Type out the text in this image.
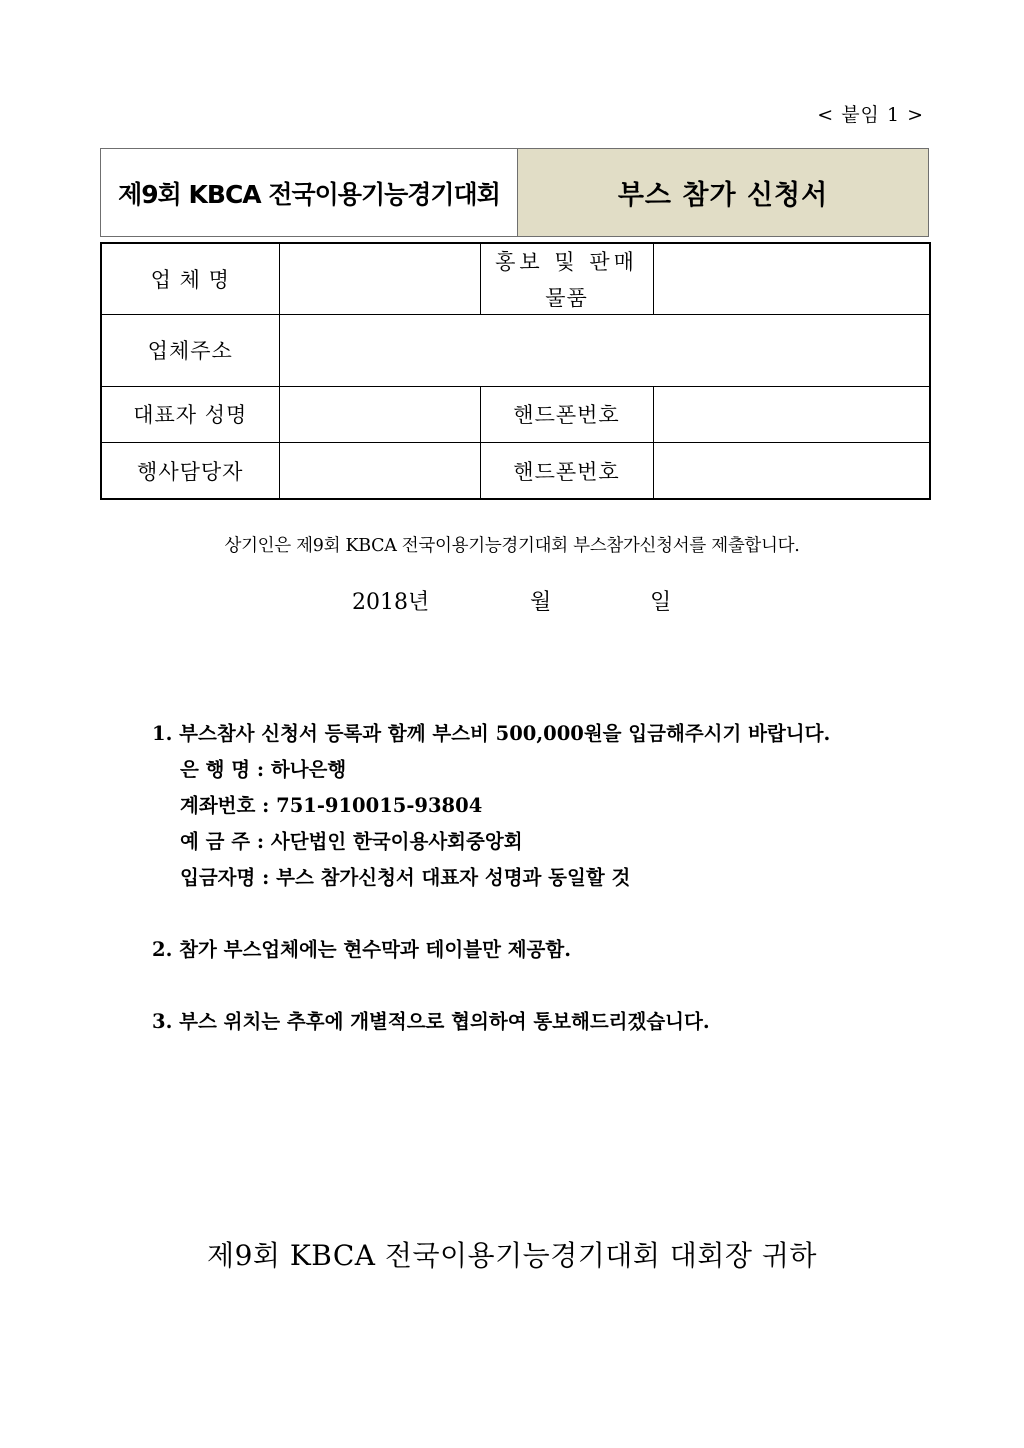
< 붙임 1 >
제9회 KBCA 전국이용기능경기대회	부스 참가 신청서
업 체 명		홍보 및 판매
물품	

업체주소			
대표자 성명		핸드폰번호	
행사담당자		핸드폰번호	
상기인은 제9회 KBCA 전국이용기능경기대회 부스참가신청서를 제출합니다.
2018년	월	일
1. 부스참사 신청서 등록과 함께 부스비 500,000원을 입금해주시기 바랍니다.
은 행 명 : 하나은행
계좌번호 : 751-910015-93804
예 금 주 : 사단법인 한국이용사회중앙회
입금자명 : 부스 참가신청서 대표자 성명과 동일할 것
2. 참가 부스업체에는 현수막과 테이블만 제공함.
3. 부스 위치는 추후에 개별적으로 협의하여 통보해드리겠습니다.
제9회 KBCA 전국이용기능경기대회 대회장 귀하
